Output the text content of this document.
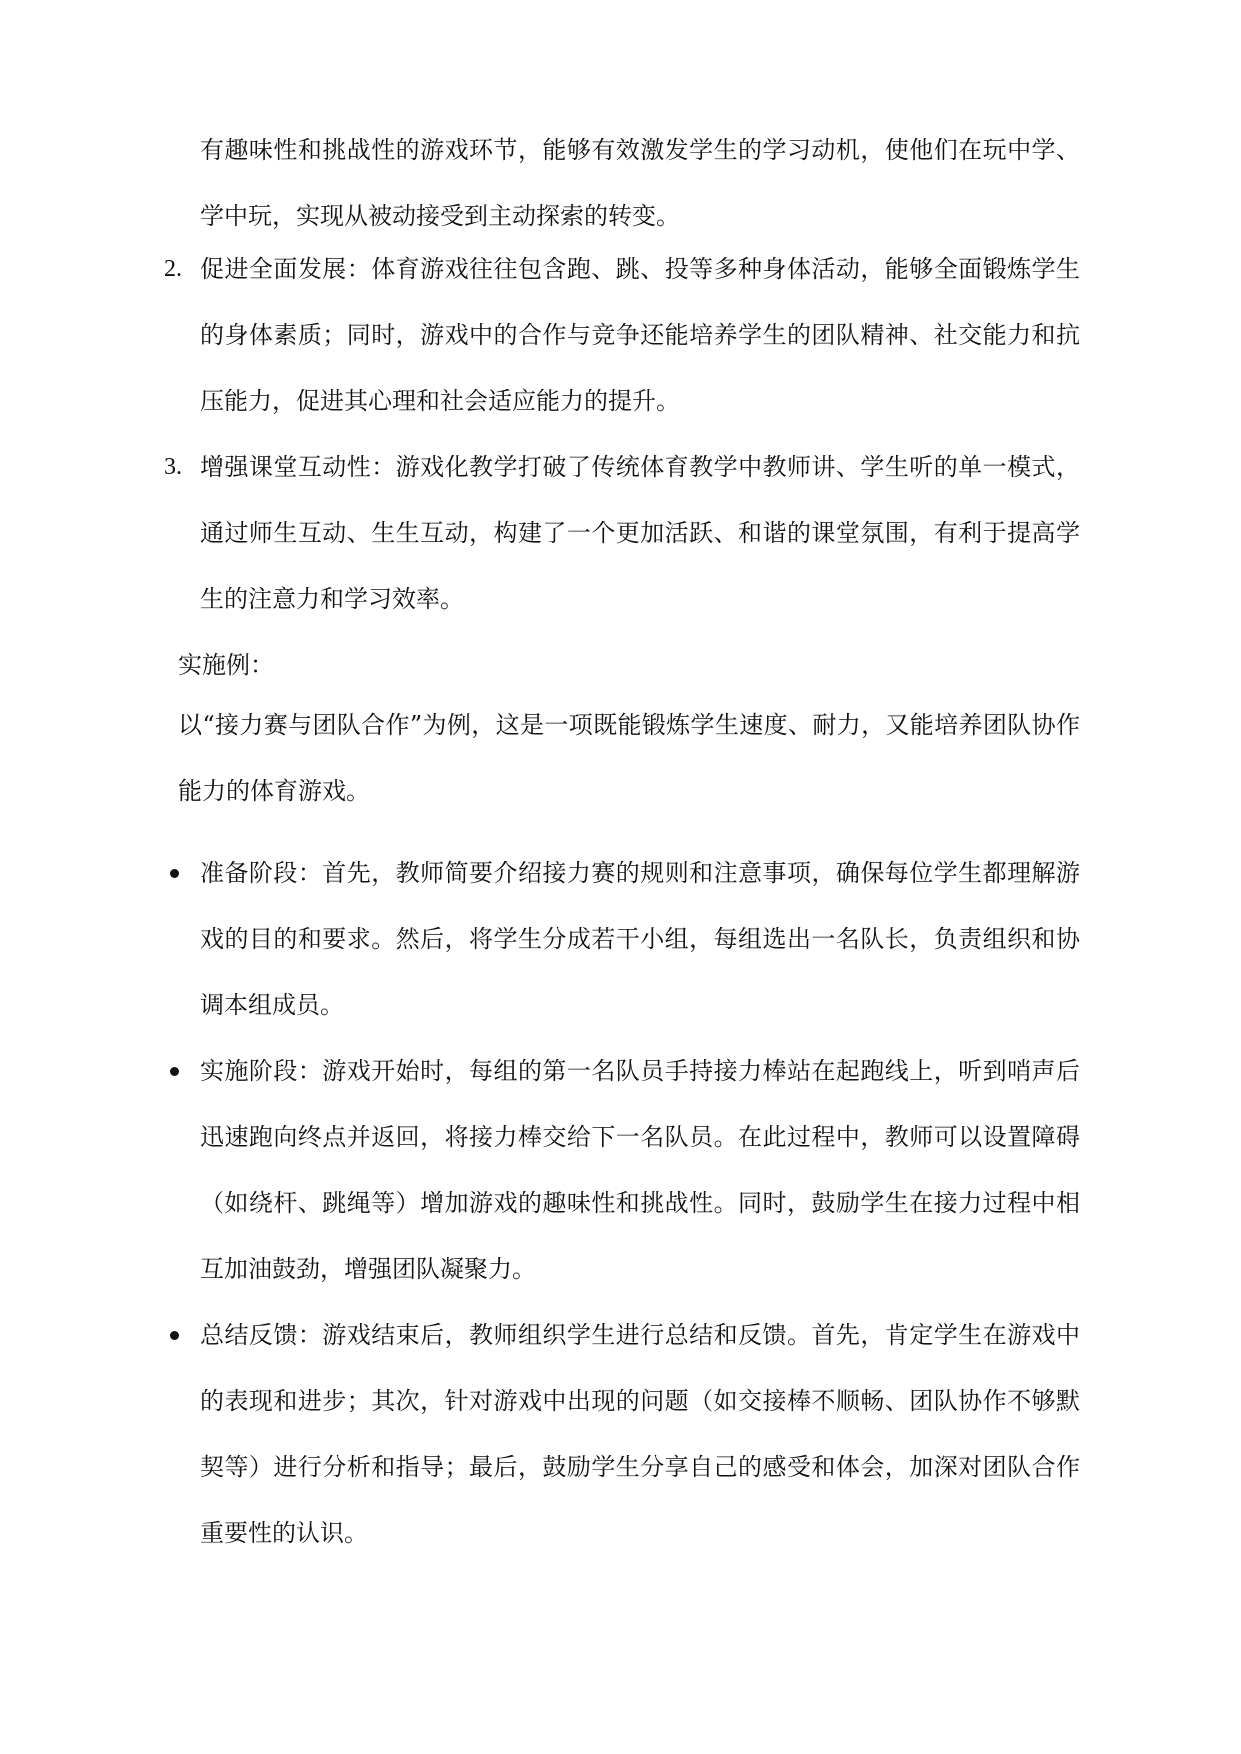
有趣味性和挑战性的游戏环节，能够有效激发学生的学习动机，使他们在玩中学、学中玩，实现从被动接受到主动探索的转变。
2. 促进全面发展：体育游戏往往包含跑、跳、投等多种身体活动，能够全面锻炼学生的身体素质；同时，游戏中的合作与竞争还能培养学生的团队精神、社交能力和抗压能力，促进其心理和社会适应能力的提升。
3. 增强课堂互动性：游戏化教学打破了传统体育教学中教师讲、学生听的单一模式，通过师生互动、生生互动，构建了一个更加活跃、和谐的课堂氛围，有利于提高学生的注意力和学习效率。
实施例：
以“接力赛与团队合作”为例，这是一项既能锻炼学生速度、耐力，又能培养团队协作能力的体育游戏。
准备阶段：首先，教师简要介绍接力赛的规则和注意事项，确保每位学生都理解游戏的目的和要求。然后，将学生分成若干小组，每组选出一名队长，负责组织和协调本组成员。
实施阶段：游戏开始时，每组的第一名队员手持接力棒站在起跑线上，听到哨声后迅速跑向终点并返回，将接力棒交给下一名队员。在此过程中，教师可以设置障碍（如绕杆、跳绳等）增加游戏的趣味性和挑战性。同时，鼓励学生在接力过程中相互加油鼓劲，增强团队凝聚力。
总结反馈：游戏结束后，教师组织学生进行总结和反馈。首先，肯定学生在游戏中的表现和进步；其次，针对游戏中出现的问题（如交接棒不顺畅、团队协作不够默契等）进行分析和指导；最后，鼓励学生分享自己的感受和体会，加深对团队合作重要性的认识。
